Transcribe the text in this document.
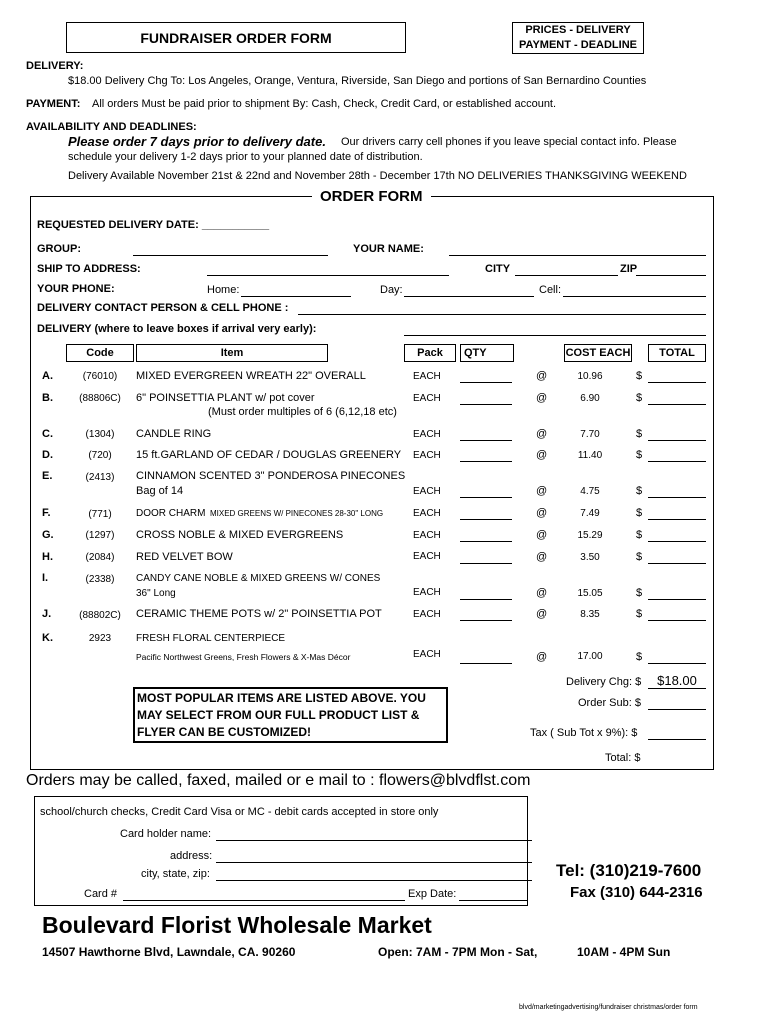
FUNDRAISER ORDER FORM	PRICES - DELIVERY
PAYMENT - DEADLINE
DELIVERY:
$18.00 Delivery Chg To: Los Angeles, Orange, Ventura, Riverside, San Diego and portions of San Bernardino Counties
PAYMENT: All orders Must be paid prior to shipment By: Cash, Check, Credit Card, or established account.
AVAILABILITY AND DEADLINES:
Please order 7 days prior to delivery date. Our drivers carry cell phones if you leave special contact info. Please
schedule your delivery 1-2 days prior to your planned date of distribution.
Delivery Available November 21st & 22nd and November 28th - December 17th NO DELIVERIES THANKSGIVING WEEKEND
ORDER FORM
REQUESTED DELIVERY DATE: ___________
GROUP:	YOUR NAME:
SHIP TO ADDRESS:	CITY	ZIP
YOUR PHONE:	Home:	Day:	Cell:
DELIVERY CONTACT PERSON & CELL PHONE :
DELIVERY (where to leave boxes if arrival very early):
Code	Item	Pack	QTY	COST EACH	TOTAL
A.	(76010)	MIXED EVERGREEN WREATH 22" OVERALL	EACH	@	10.96	$
B.	(88806C)	6" POINSETTIA PLANT w/ pot cover
(Must order multiples of 6 (6,12,18 etc)
EACH	@	6.90	$
C.	(1304)	CANDLE RING	EACH	@	7.70	$
D.	(720)	15 ft.GARLAND OF CEDAR / DOUGLAS GREENERY EACH	@	11.40	$
E.	(2413)	CINNAMON SCENTED 3" PONDEROSA PINECONES
Bag of 14	EACH	@	4.75	$
F.	(771)	DOOR CHARM MIXED GREENS W/ PINECONES 28-30" LONG	EACH	@	7.49	$
G.	(1297)	CROSS NOBLE & MIXED EVERGREENS	EACH	@	15.29	$
H.	(2084)	RED VELVET BOW	EACH	@	3.50	$
I.	(2338)	CANDY CANE NOBLE & MIXED GREENS W/ CONES
36" Long	EACH	@	15.05	$
J.	(88802C)	CERAMIC THEME POTS w/ 2" POINSETTIA POT	EACH	@	8.35	$
K.	2923	FRESH FLORAL CENTERPIECE
Pacific Northwest Greens, Fresh Flowers & X-Mas Décor	EACH	@	17.00	$
MOST POPULAR ITEMS ARE LISTED ABOVE. YOU
MAY SELECT FROM OUR FULL PRODUCT LIST &
FLYER CAN BE CUSTOMIZED!
Delivery Chg: $	$18.00
Order Sub: $
Tax ( Sub Tot x 9%): $
Total: $
Orders may be called, faxed, mailed or e mail to : flowers@blvdflst.com
school/church checks, Credit Card Visa or MC - debit cards accepted in store only
Card holder name:
address:
city, state, zip:
Card #	Exp Date:
Tel: (310)219-7600
Fax (310) 644-2316
Boulevard Florist Wholesale Market
14507 Hawthorne Blvd, Lawndale, CA. 90260	Open: 7AM - 7PM Mon - Sat,	10AM - 4PM Sun
blvd/marketingadvertising/fundraiser christmas/order form
